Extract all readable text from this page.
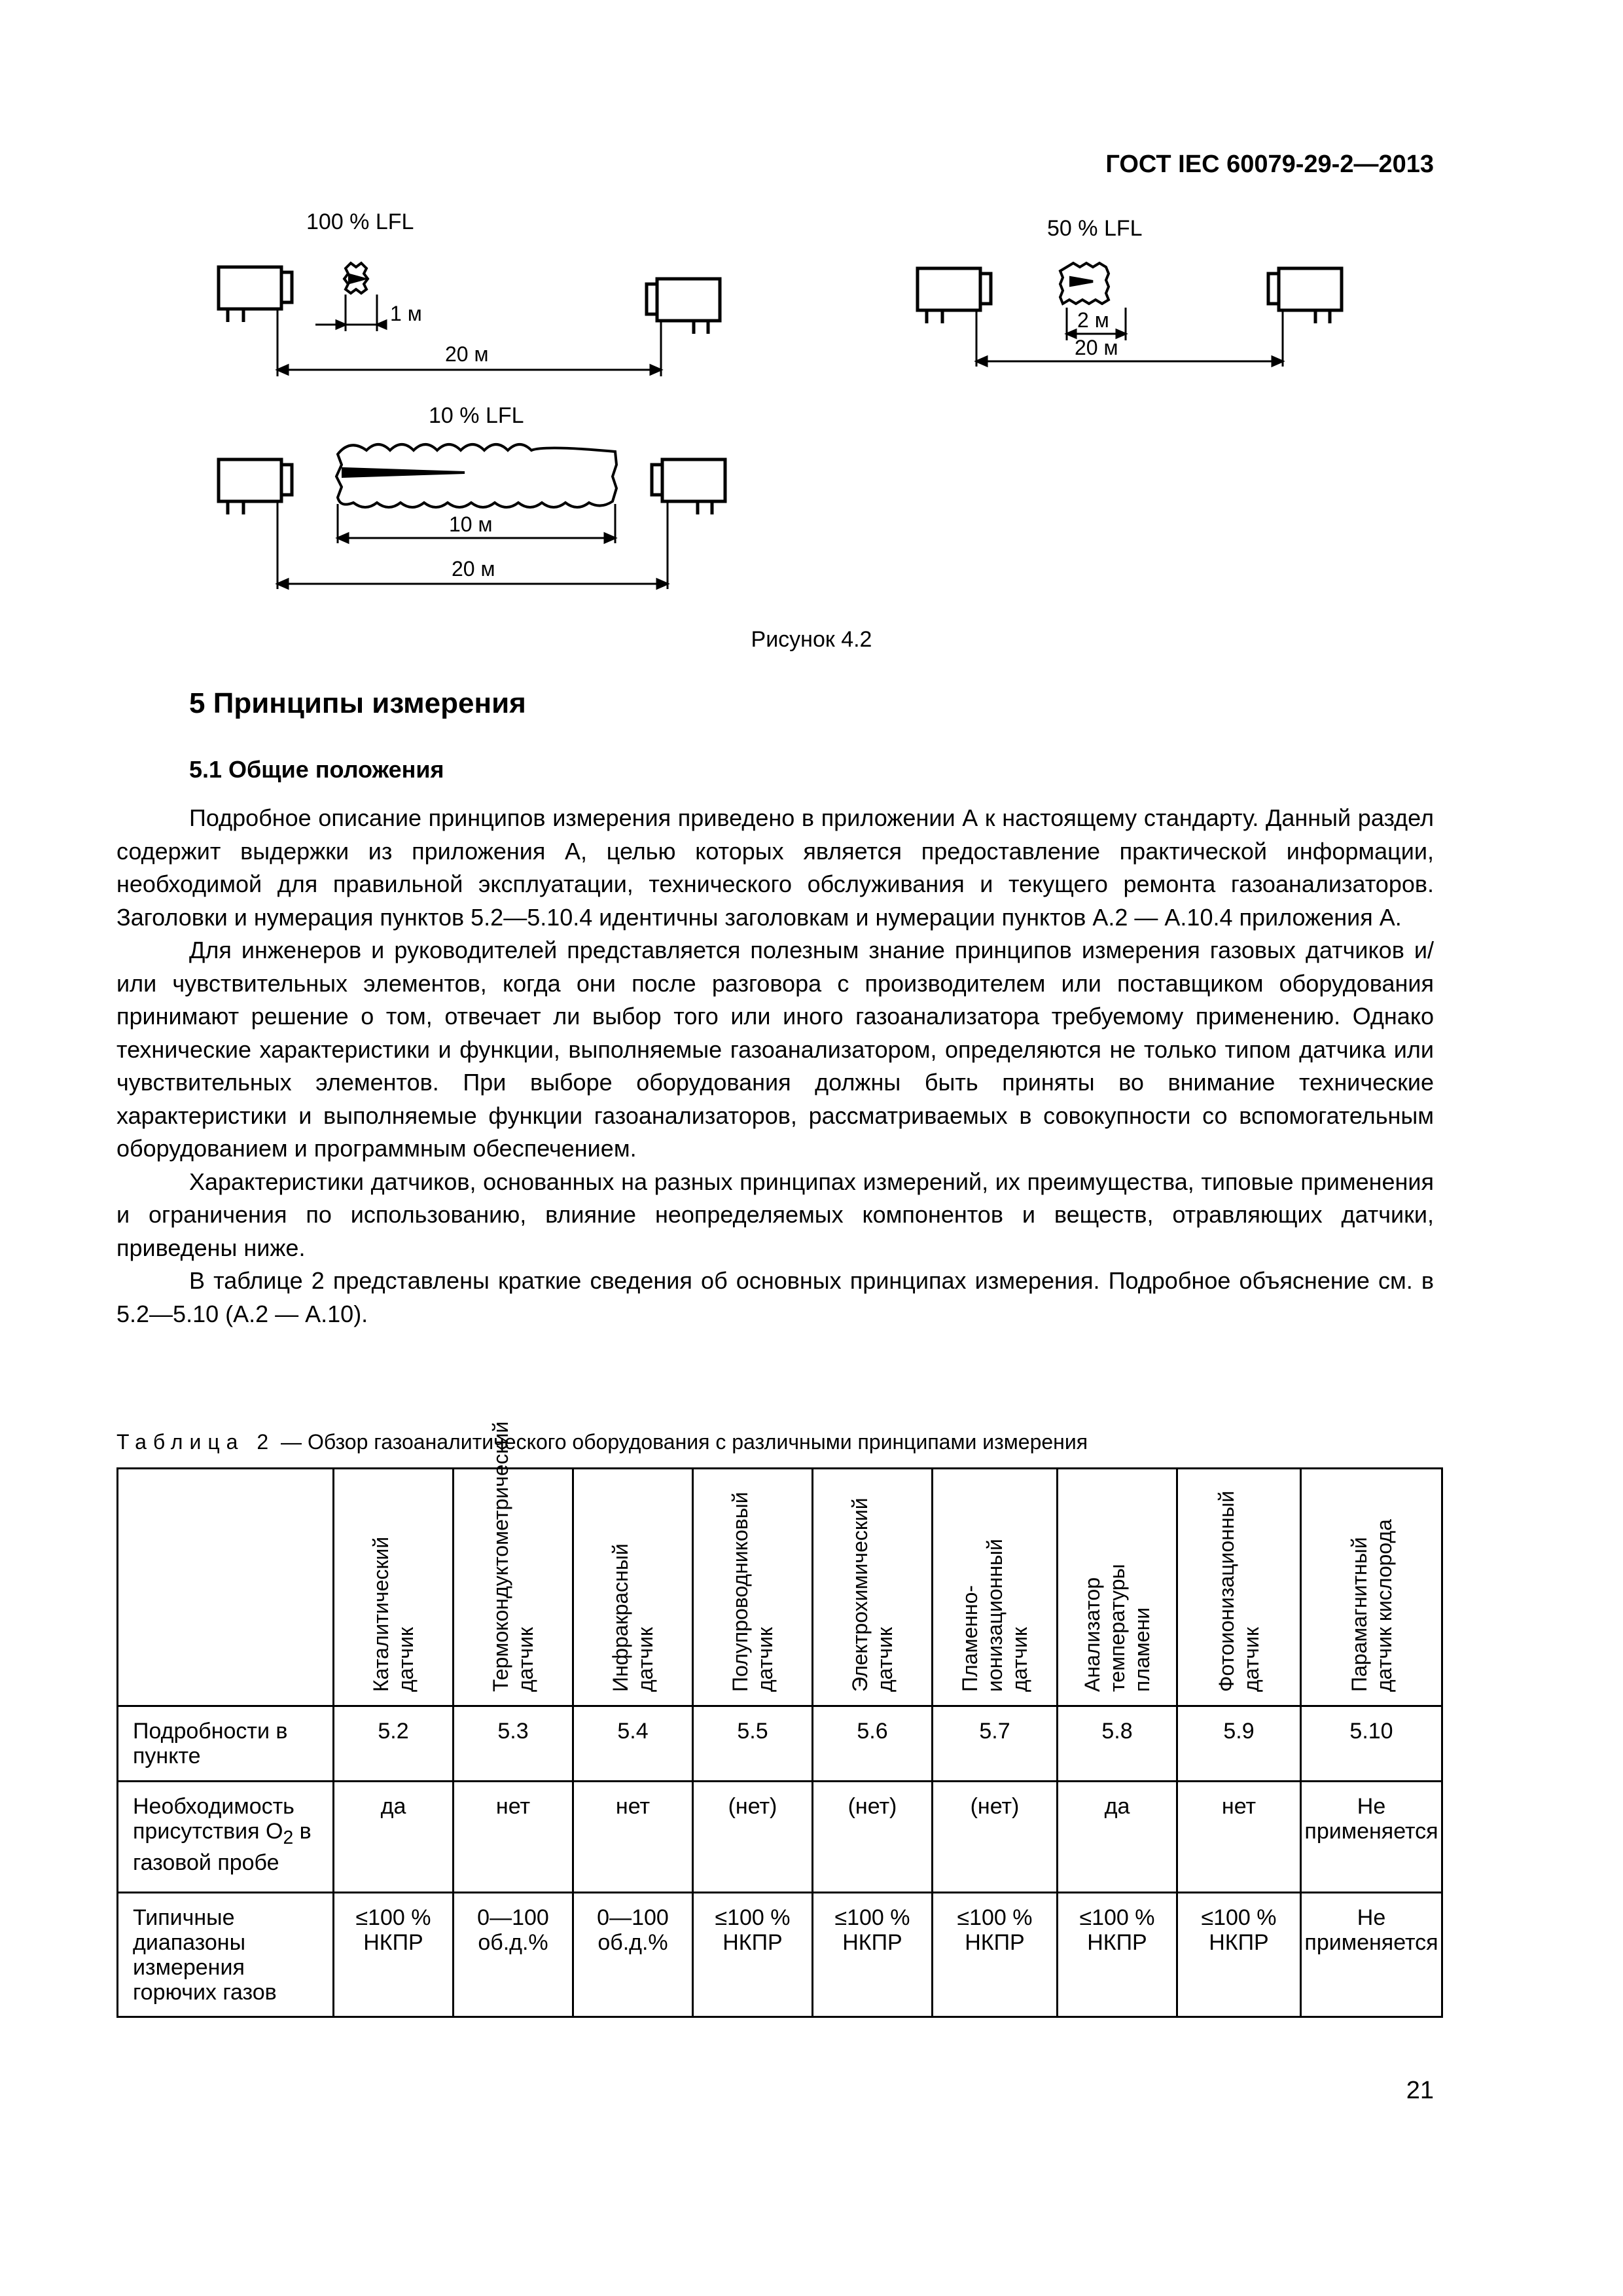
ГОСТ IEC 60079-29-2—2013
100 % LFL
1 м
20 м
50 % LFL
2 м
20 м
10 % LFL
10 м
20 м
Рисунок 4.2
5 Принципы измерения
5.1 Общие положения

Подробное описание принципов измерения приведено в приложении А к настоящему стандарту. Данный раздел содержит выдержки из приложения А, целью которых является предоставление практической информации, необходимой для правильной эксплуатации, технического обслуживания и текущего ремонта газоанализаторов. Заголовки и нумерация пунктов 5.2—5.10.4 идентичны заголовкам и нумерации пунктов А.2 — А.10.4 приложения А.

Для инженеров и руководителей представляется полезным знание принципов измерения газовых датчиков и/или чувствительных элементов, когда они после разговора с производителем или поставщиком оборудования принимают решение о том, отвечает ли выбор того или иного газоанализатора требуемому применению. Однако технические характеристики и функции, выполняемые газоанализатором, определяются не только типом датчика или чувствительных элементов. При выборе оборудования должны быть приняты во внимание технические характеристики и выполняемые функции газоанализаторов, рассматриваемых в совокупности со вспомогательным оборудованием и программным обеспечением.

Характеристики датчиков, основанных на разных принципах измерений, их преимущества, типовые применения и ограничения по использованию, влияние неопределяемых компонентов и веществ, отравляющих датчики, приведены ниже.

В таблице 2 представлены краткие сведения об основных принципах измерения. Подробное объяснение см. в 5.2—5.10 (А.2 — А.10).

Таблица 2 — Обзор газоаналитического оборудования с различными принципами измерения

	Каталитический датчик	Термокондуктометрический датчик	Инфракрасный датчик	Полупроводниковый датчик	Электрохимический датчик	Пламенно-ионизационный датчик	Анализатор температуры пламени	Фотоионизационный датчик	Парамагнитный датчик кислорода

Подробности в пункте	5.2	5.3	5.4	5.5	5.6	5.7	5.8	5.9	5.10
Необходимость присутствия $O_2$ в газовой пробе	да	нет	нет	(нет)	(нет)	(нет)	да	нет	Не применяется
Типичные диапазоны измерения горючих газов	≤100 % НКПР	0—100 об.д.%	0—100 об.д.%	≤100 % НКПР	≤100 % НКПР	≤100 % НКПР	≤100 % НКПР	≤100 % НКПР	Не применяется
21
